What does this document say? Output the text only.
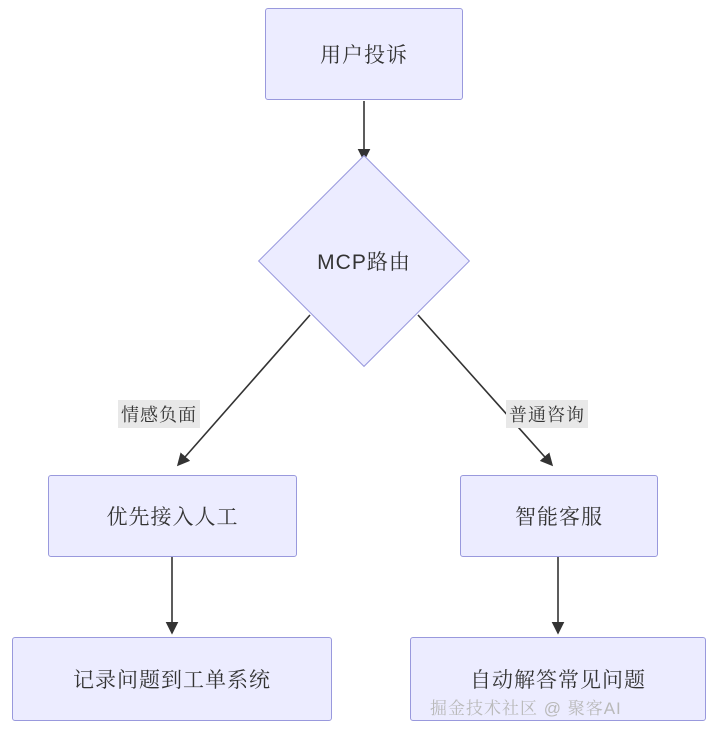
用户投诉
MCP路由
情感负面	普通咨询
优先接入人工	智能客服
记录问题到工单系统	自动解答常见问题
掘金技术社区 @ 聚客AI
